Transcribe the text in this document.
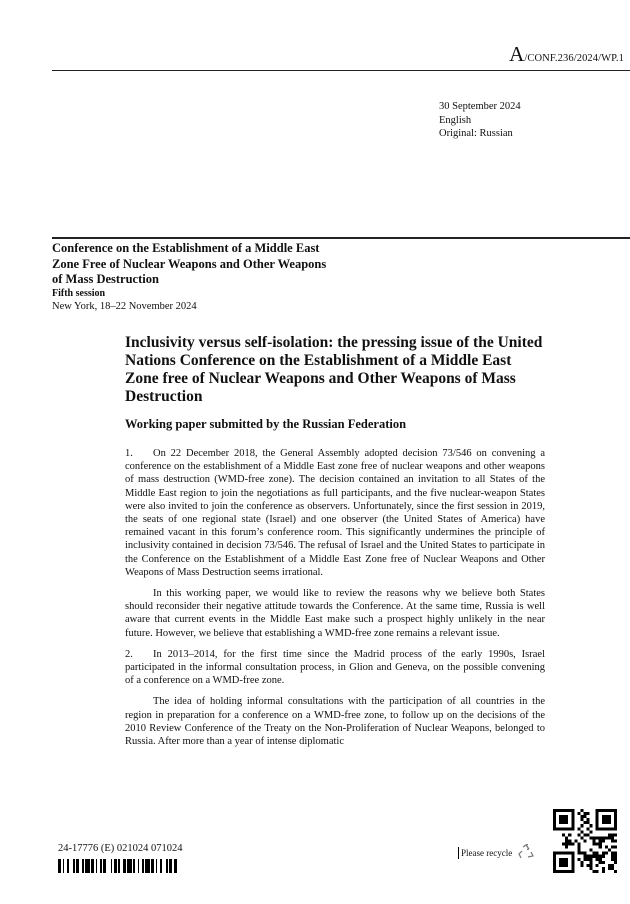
A/CONF.236/2024/WP.1
30 September 2024
English
Original: Russian
Conference on the Establishment of a Middle East
Zone Free of Nuclear Weapons and Other Weapons
of Mass Destruction
Fifth session
New York, 18–22 November 2024
Inclusivity versus self-isolation: the pressing issue of the United Nations Conference on the Establishment of a Middle East Zone free of Nuclear Weapons and Other Weapons of Mass Destruction
Working paper submitted by the Russian Federation

1. On 22 December 2018, the General Assembly adopted decision 73/546 on convening a conference on the establishment of a Middle East zone free of nuclear weapons and other weapons of mass destruction (WMD-free zone). The decision contained an invitation to all States of the Middle East region to join the negotiations as full participants, and the five nuclear-weapon States were also invited to join the conference as observers. Unfortunately, since the first session in 2019, the seats of one regional state (Israel) and one observer (the United States of America) have remained vacant in this forum’s conference room. This significantly undermines the principle of inclusivity contained in decision 73/546. The refusal of Israel and the United States to participate in the Conference on the Establishment of a Middle East Zone free of Nuclear Weapons and Other Weapons of Mass Destruction seems irrational.

In this working paper, we would like to review the reasons why we believe both States should reconsider their negative attitude towards the Conference. At the same time, Russia is well aware that current events in the Middle East make such a prospect highly unlikely in the near future. However, we believe that establishing a WMD-free zone remains a relevant issue.

2. In 2013–2014, for the first time since the Madrid process of the early 1990s, Israel participated in the informal consultation process, in Glion and Geneva, on the possible convening of a conference on a WMD-free zone.

The idea of holding informal consultations with the participation of all countries in the region in preparation for a conference on a WMD-free zone, to follow up on the decisions of the 2010 Review Conference of the Treaty on the Non-Proliferation of Nuclear Weapons, belonged to Russia. After more than a year of intense diplomatic

24-17776 (E) 021024 071024	Please recycle
